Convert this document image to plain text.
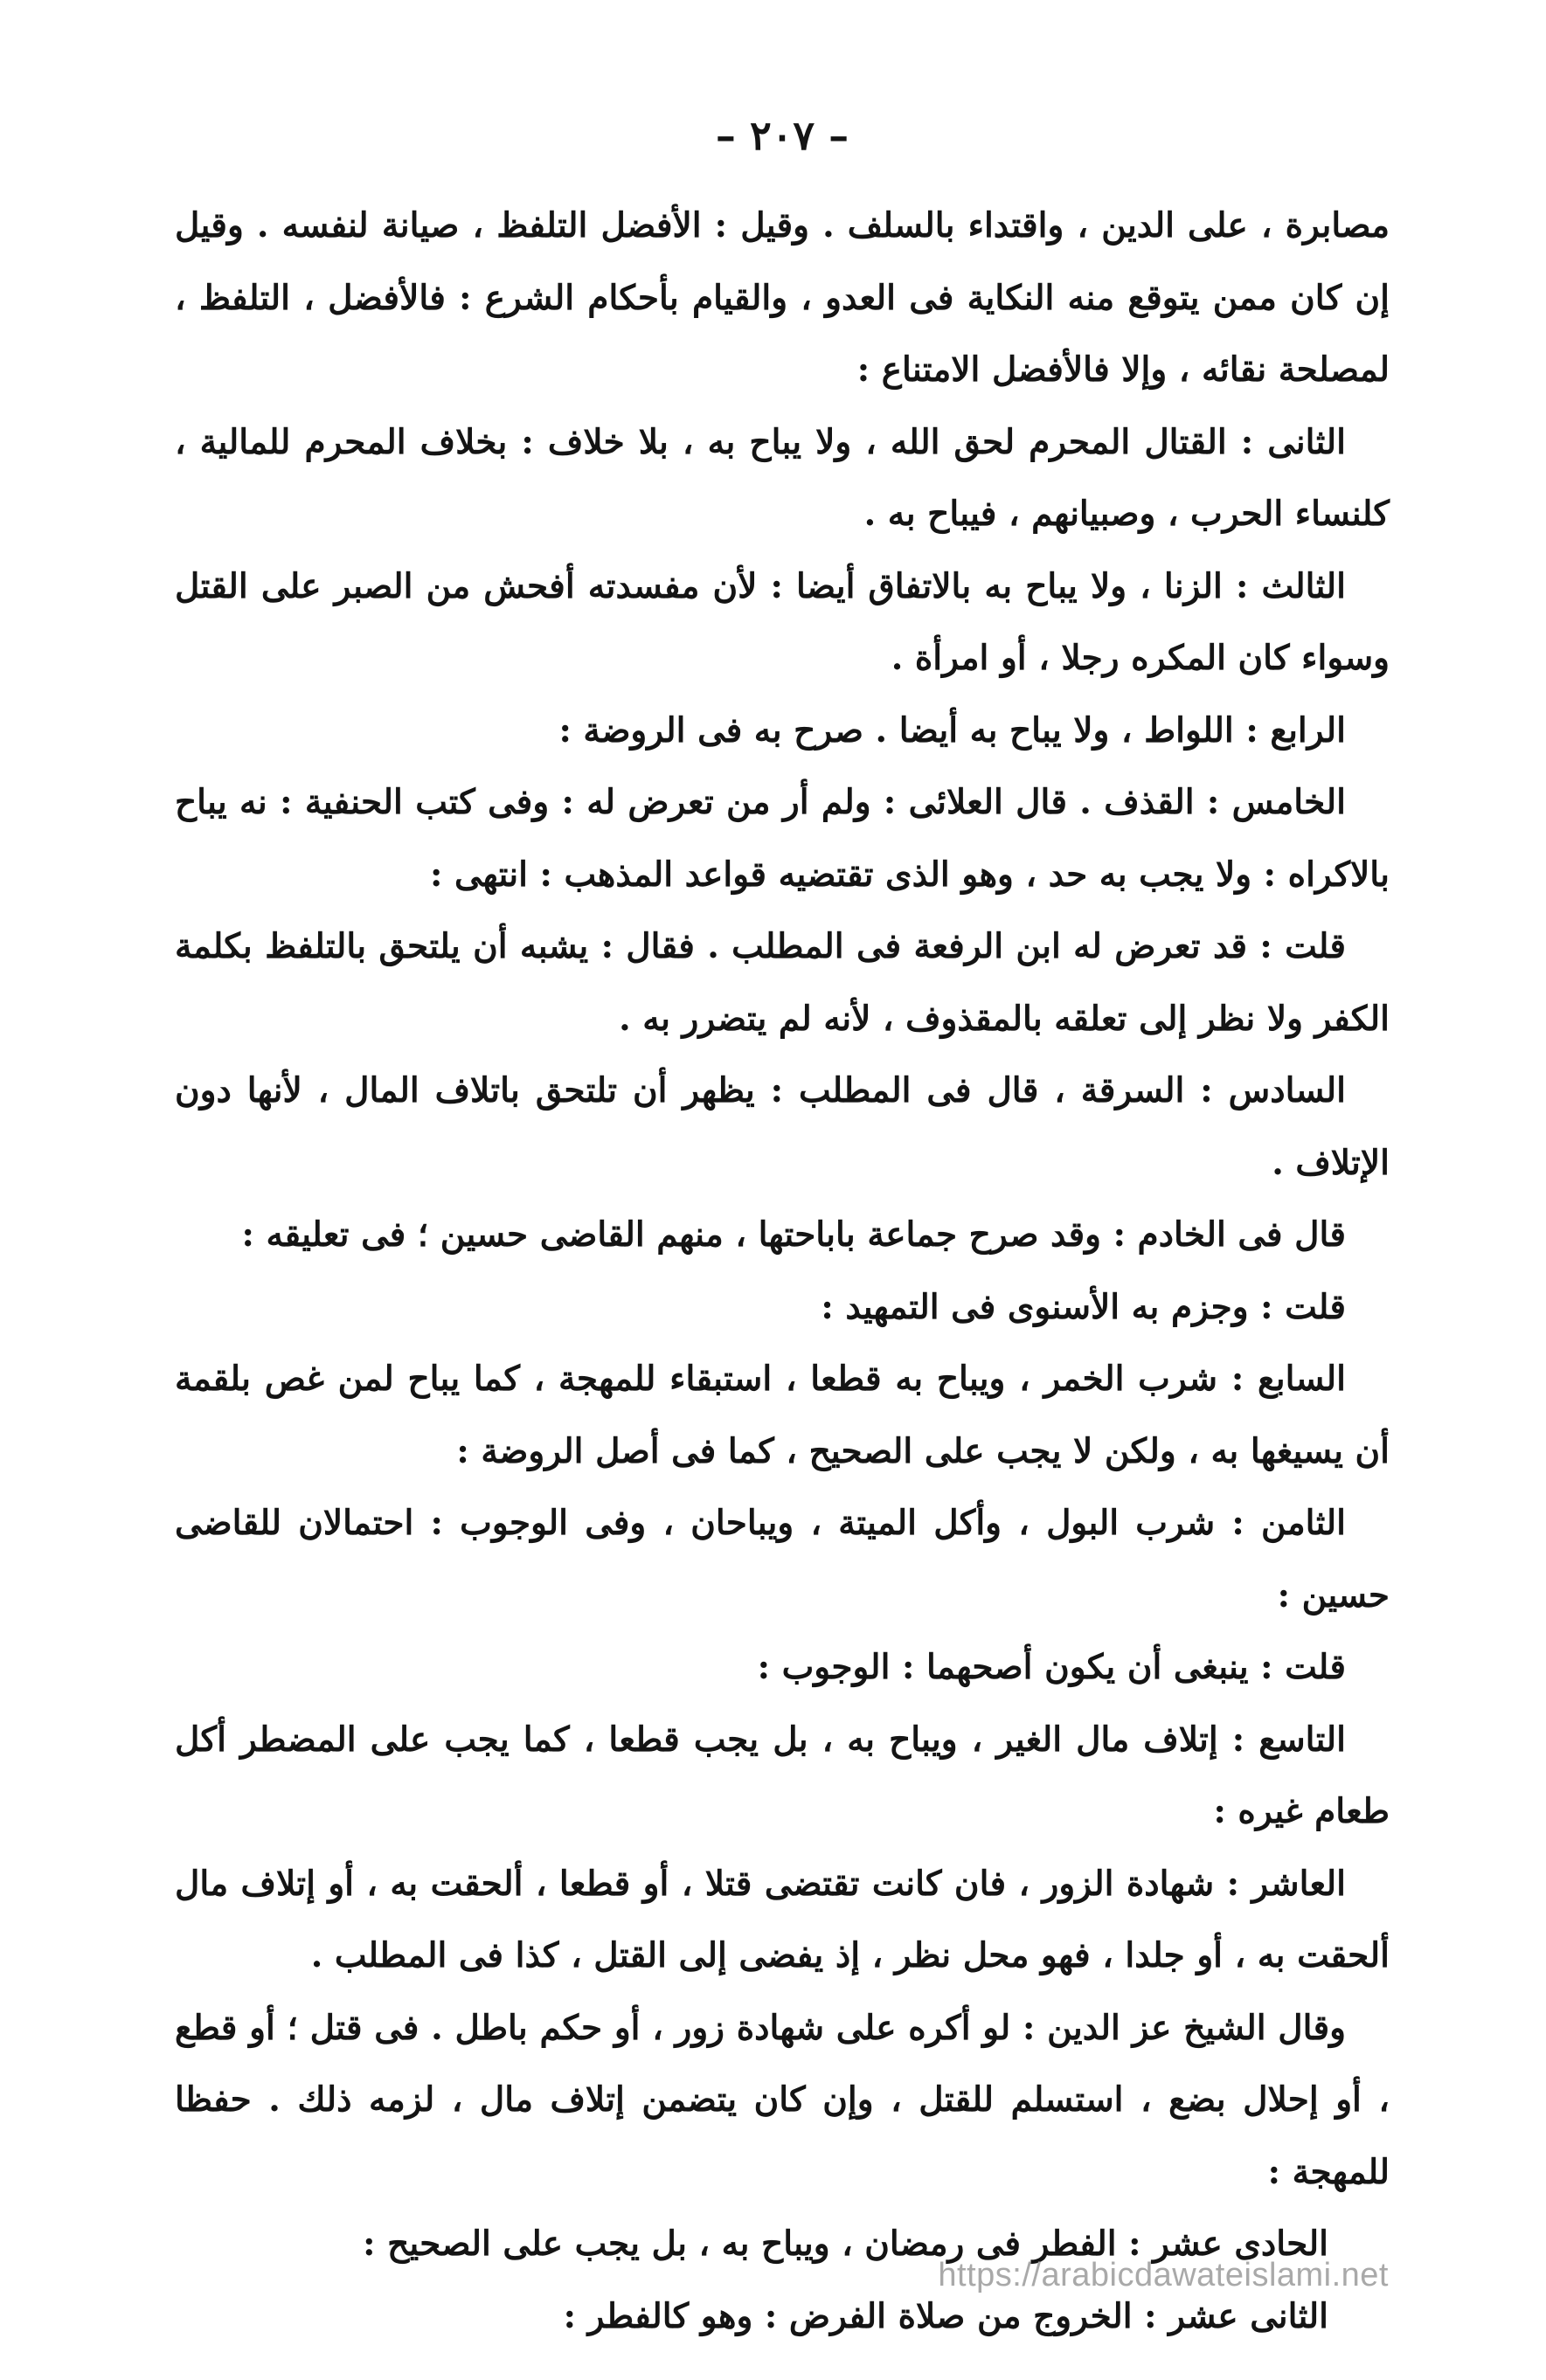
– ٢٠٧ –

مصابرة ، على الدين ، واقتداء بالسلف . وقيل : الأفضل التلفظ ، صيانة لنفسه . وقيل إن كان ممن يتوقع منه النكاية فى العدو ، والقيام بأحكام الشرع : فالأفضل ، التلفظ ، لمصلحة نقائه ، وإلا فالأفضل الامتناع :

الثانى : القتال المحرم لحق الله ، ولا يباح به ، بلا خلاف : بخلاف المحرم للمالية ، كلنساء الحرب ، وصبيانهم ، فيباح به .

الثالث : الزنا ، ولا يباح به بالاتفاق أيضا : لأن مفسدته أفحش من الصبر على القتل وسواء كان المكره رجلا ، أو امرأة .

الرابع : اللواط ، ولا يباح به أيضا . صرح به فى الروضة :

الخامس : القذف . قال العلائى : ولم أر من تعرض له : وفى كتب الحنفية : نه يباح بالاكراه : ولا يجب به حد ، وهو الذى تقتضيه قواعد المذهب : انتهى :

قلت : قد تعرض له ابن الرفعة فى المطلب . فقال : يشبه أن يلتحق بالتلفظ بكلمة الكفر ولا نظر إلى تعلقه بالمقذوف ، لأنه لم يتضرر به .

السادس : السرقة ، قال فى المطلب : يظهر أن تلتحق باتلاف المال ، لأنها دون الإتلاف .

قال فى الخادم : وقد صرح جماعة باباحتها ، منهم القاضى حسين ؛ فى تعليقه :

قلت : وجزم به الأسنوى فى التمهيد :

السابع : شرب الخمر ، ويباح به قطعا ، استبقاء للمهجة ، كما يباح لمن غص بلقمة أن يسيغها به ، ولكن لا يجب على الصحيح ، كما فى أصل الروضة :

الثامن : شرب البول ، وأكل الميتة ، ويباحان ، وفى الوجوب : احتمالان للقاضى حسين :

قلت : ينبغى أن يكون أصحهما : الوجوب :

التاسع : إتلاف مال الغير ، ويباح به ، بل يجب قطعا ، كما يجب على المضطر أكل طعام غيره :

العاشر : شهادة الزور ، فان كانت تقتضى قتلا ، أو قطعا ، ألحقت به ، أو إتلاف مال ألحقت به ، أو جلدا ، فهو محل نظر ، إذ يفضى إلى القتل ، كذا فى المطلب .

وقال الشيخ عز الدين : لو أكره على شهادة زور ، أو حكم باطل . فى قتل ؛ أو قطع ، أو إحلال بضع ، استسلم للقتل ، وإن كان يتضمن إتلاف مال ، لزمه ذلك . حفظا للمهجة :

الحادى عشر : الفطر فى رمضان ، ويباح به ، بل يجب على الصحيح :

الثانى عشر : الخروج من صلاة الفرض : وهو كالفطر :

https://arabicdawateislami.net
